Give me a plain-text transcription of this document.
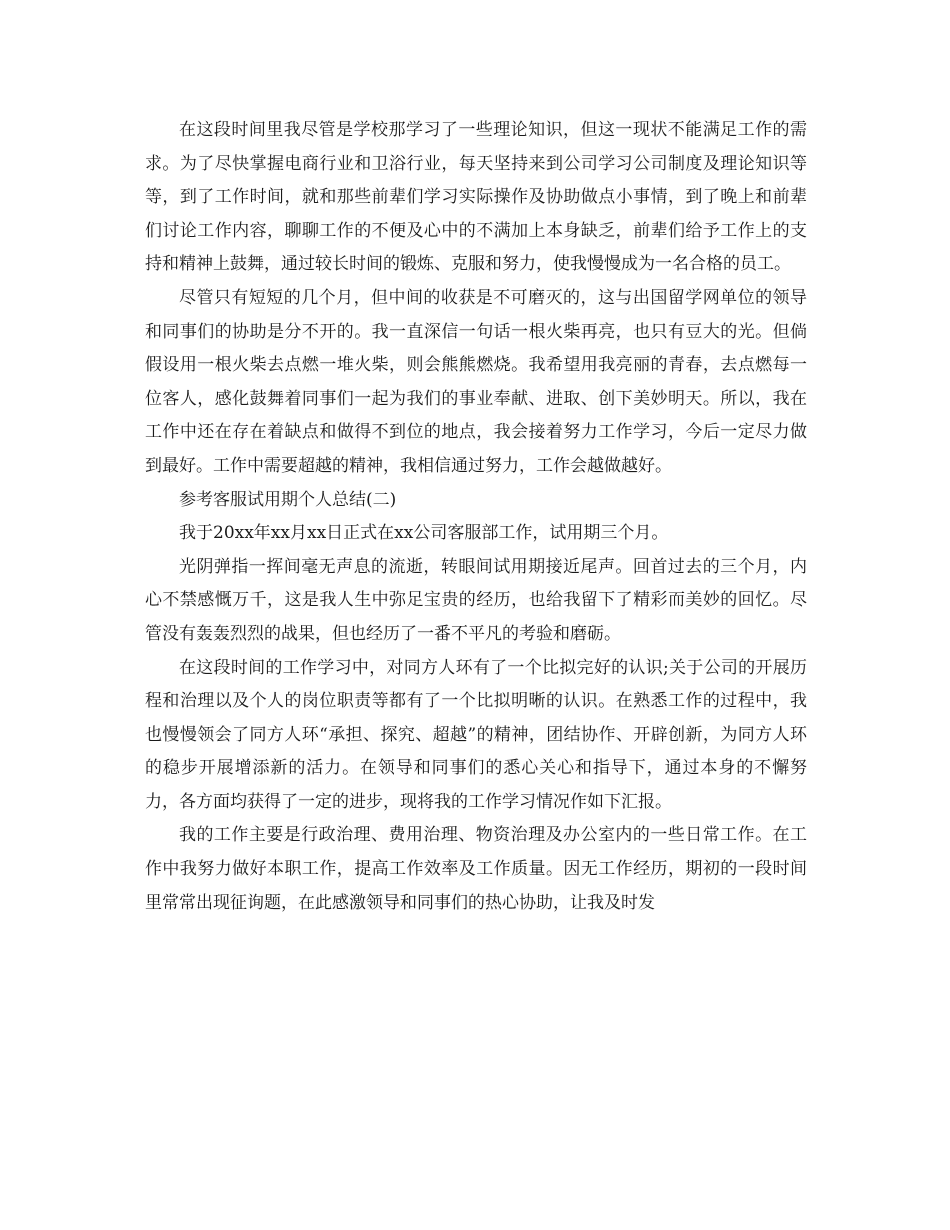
在这段时间里我尽管是学校那学习了一些理论知识，但这一现状不能满足工作的需求。为了尽快掌握电商行业和卫浴行业，每天坚持来到公司学习公司制度及理论知识等等，到了工作时间，就和那些前辈们学习实际操作及协助做点小事情，到了晚上和前辈们讨论工作内容，聊聊工作的不便及心中的不满加上本身缺乏，前辈们给予工作上的支持和精神上鼓舞，通过较长时间的锻炼、克服和努力，使我慢慢成为一名合格的员工。

尽管只有短短的几个月，但中间的收获是不可磨灭的，这与出国留学网单位的领导和同事们的协助是分不开的。我一直深信一句话一根火柴再亮，也只有豆大的光。但倘假设用一根火柴去点燃一堆火柴，则会熊熊燃烧。我希望用我亮丽的青春，去点燃每一位客人，感化鼓舞着同事们一起为我们的事业奉献、进取、创下美妙明天。所以，我在工作中还在存在着缺点和做得不到位的地点，我会接着努力工作学习，今后一定尽力做到最好。工作中需要超越的精神，我相信通过努力，工作会越做越好。

参考客服试用期个人总结(二)

我于20xx年xx月xx日正式在xx公司客服部工作，试用期三个月。

光阴弹指一挥间毫无声息的流逝，转眼间试用期接近尾声。回首过去的三个月，内心不禁感慨万千，这是我人生中弥足宝贵的经历，也给我留下了精彩而美妙的回忆。尽管没有轰轰烈烈的战果，但也经历了一番不平凡的考验和磨砺。

在这段时间的工作学习中，对同方人环有了一个比拟完好的认识;关于公司的开展历程和治理以及个人的岗位职责等都有了一个比拟明晰的认识。在熟悉工作的过程中，我也慢慢领会了同方人环“承担、探究、超越”的精神，团结协作、开辟创新，为同方人环的稳步开展增添新的活力。在领导和同事们的悉心关心和指导下，通过本身的不懈努力，各方面均获得了一定的进步，现将我的工作学习情况作如下汇报。

我的工作主要是行政治理、费用治理、物资治理及办公室内的一些日常工作。在工作中我努力做好本职工作，提高工作效率及工作质量。因无工作经历，期初的一段时间里常常出现征询题，在此感激领导和同事们的热心协助，让我及时发
